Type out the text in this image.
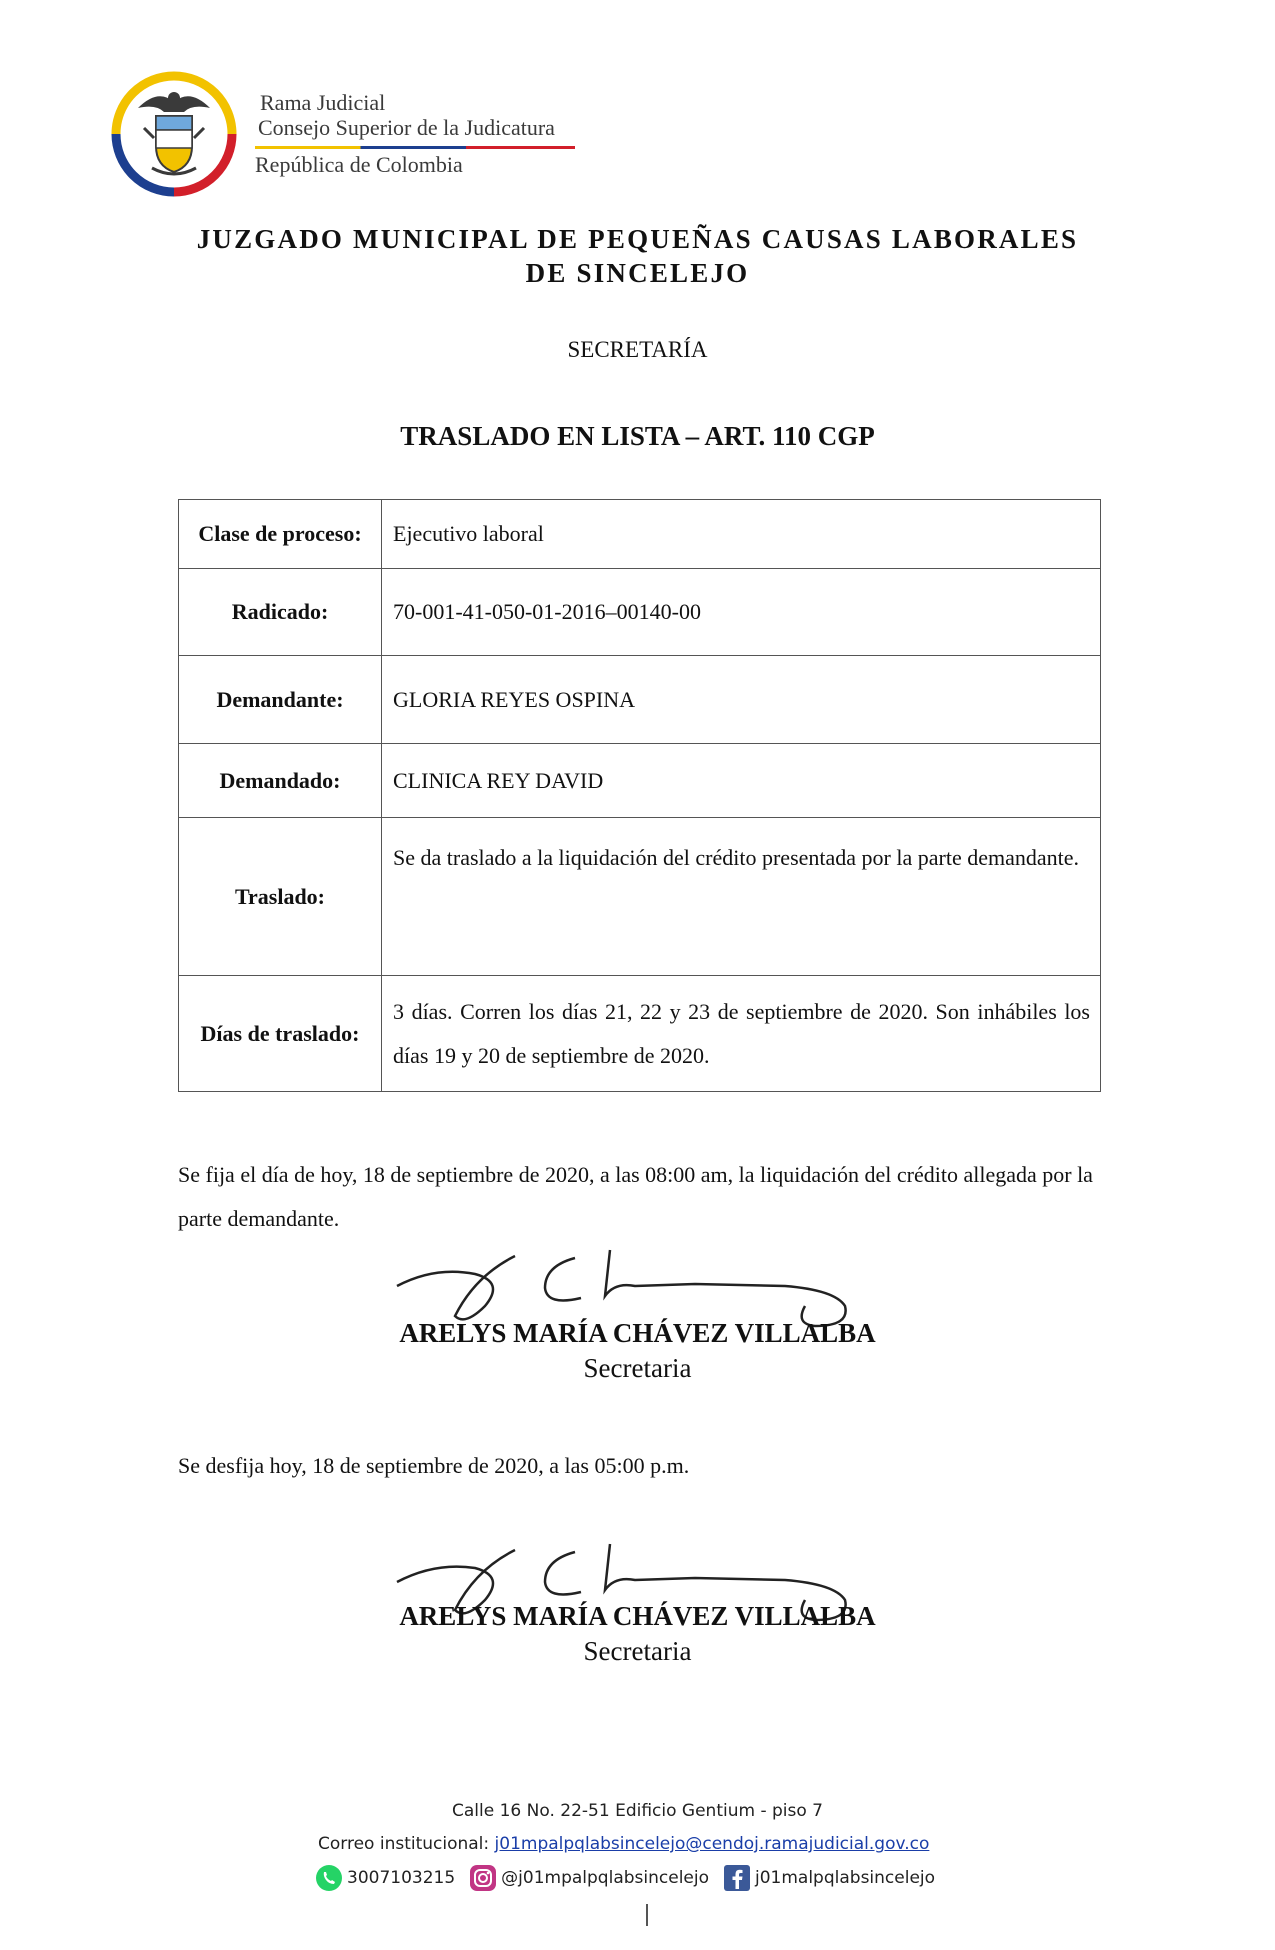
Rama Judicial
Consejo Superior de la Judicatura
República de Colombia
JUZGADO MUNICIPAL DE PEQUEÑAS CAUSAS LABORALES
DE SINCELEJO
SECRETARÍA
TRASLADO EN LISTA – ART. 110 CGP
Clase de proceso:	Ejecutivo laboral
Radicado:	70-001-41-050-01-2016–00140-00
Demandante:	GLORIA REYES OSPINA
Demandado:	CLINICA REY DAVID
Traslado:	Se da traslado a la liquidación del crédito presentada por la parte demandante.
Días de traslado:	3 días. Corren los días 21, 22 y 23 de septiembre de 2020. Son inhábiles los días 19 y 20 de septiembre de 2020.
Se fija el día de hoy, 18 de septiembre de 2020, a las 08:00 am, la liquidación del crédito allegada por la parte demandante.
ARELYS MARÍA CHÁVEZ VILLALBA
Secretaria
Se desfija hoy, 18 de septiembre de 2020, a las 05:00 p.m.
ARELYS MARÍA CHÁVEZ VILLALBA
Secretaria
Calle 16 No. 22-51 Edificio Gentium - piso 7
Correo institucional: j01mpalpqlabsincelejo@cendoj.ramajudicial.gov.co
3007103215	@j01mpalpqlabsincelejo	j01malpqlabsincelejo
